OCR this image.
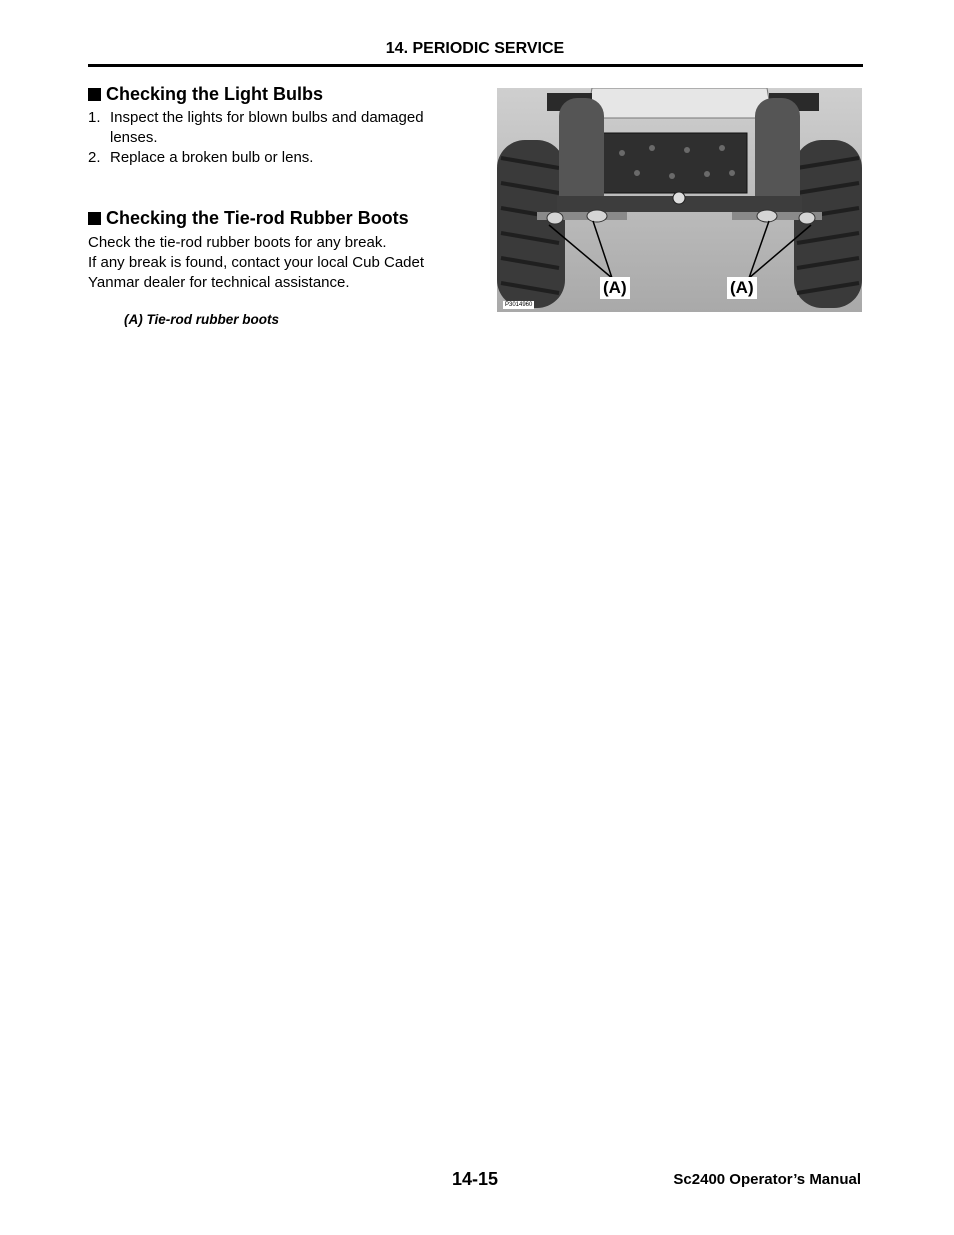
14. PERIODIC SERVICE
Checking the Light Bulbs
1. Inspect the lights for blown bulbs and damaged lenses.
2. Replace a broken bulb or lens.
Checking the Tie-rod Rubber Boots

Check the tie-rod rubber boots for any break.

If any break is found, contact your local Cub Cadet Yanmar dealer for technical assistance.

(A) Tie-rod rubber boots
(A)	(A)
P3014960
14-15	Sc2400 Operator’s Manual
